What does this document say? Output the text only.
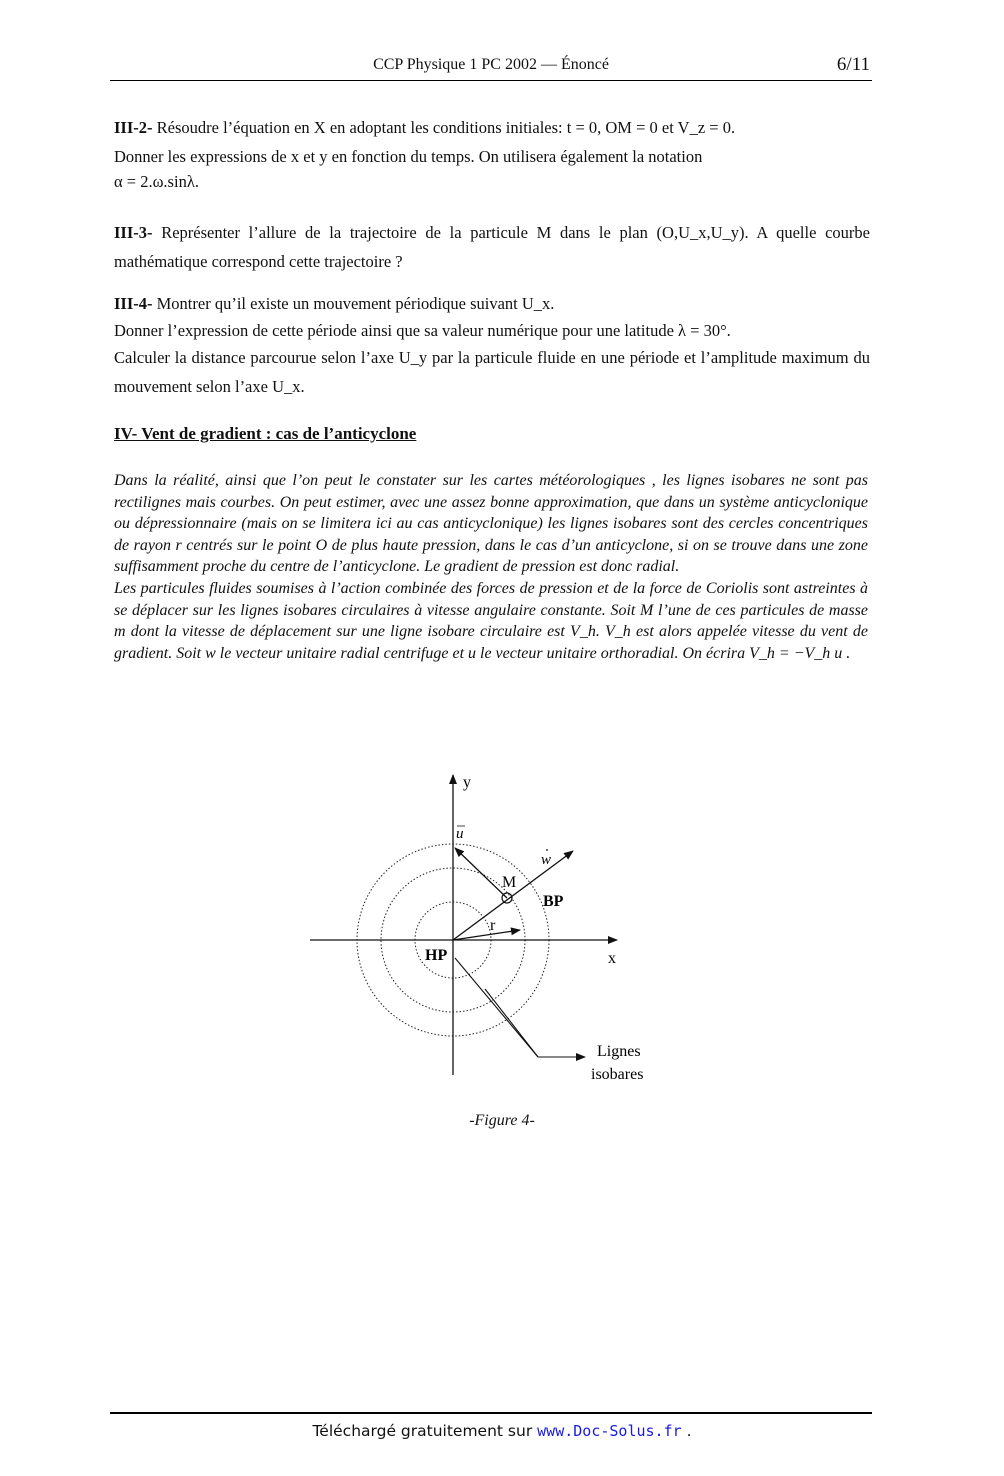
CCP Physique 1 PC 2002 — Énoncé	6/11
III-2- Résoudre l’équation en X en adoptant les conditions initiales: t = 0, OM = 0 et V_z = 0.
Donner les expressions de x et y en fonction du temps. On utilisera également la notation
α = 2.ω.sinλ.
III-3- Représenter l’allure de la trajectoire de la particule M dans le plan (O,U_x,U_y). A quelle courbe mathématique correspond cette trajectoire ?
III-4- Montrer qu’il existe un mouvement périodique suivant U_x.
Donner l’expression de cette période ainsi que sa valeur numérique pour une latitude λ = 30°.
Calculer la distance parcourue selon l’axe U_y par la particule fluide en une période et l’amplitude maximum du mouvement selon l’axe U_x.
IV- Vent de gradient : cas de l’anticyclone
Dans la réalité, ainsi que l’on peut le constater sur les cartes météorologiques , les lignes isobares ne sont pas rectilignes mais courbes. On peut estimer, avec une assez bonne approximation, que dans un système anticyclonique ou dépressionnaire (mais on se limitera ici au cas anticyclonique) les lignes isobares sont des cercles concentriques de rayon r centrés sur le point O de plus haute pression, dans le cas d’un anticyclone, si on se trouve dans une zone suffisamment proche du centre de l’anticyclone. Le gradient de pression est donc radial.
Les particules fluides soumises à l’action combinée des forces de pression et de la force de Coriolis sont astreintes à se déplacer sur les lignes isobares circulaires à vitesse angulaire constante. Soit M l’une de ces particules de masse m dont la vitesse de déplacement sur une ligne isobare circulaire est V_h. V_h est alors appelée vitesse du vent de gradient. Soit w le vecteur unitaire radial centrifuge et u le vecteur unitaire orthoradial. On écrira V_h = −V_h u .
y
x
u
w
M
r
BP
HP
Lignes
isobares
-Figure 4-
Téléchargé gratuitement sur www.Doc-Solus.fr .
